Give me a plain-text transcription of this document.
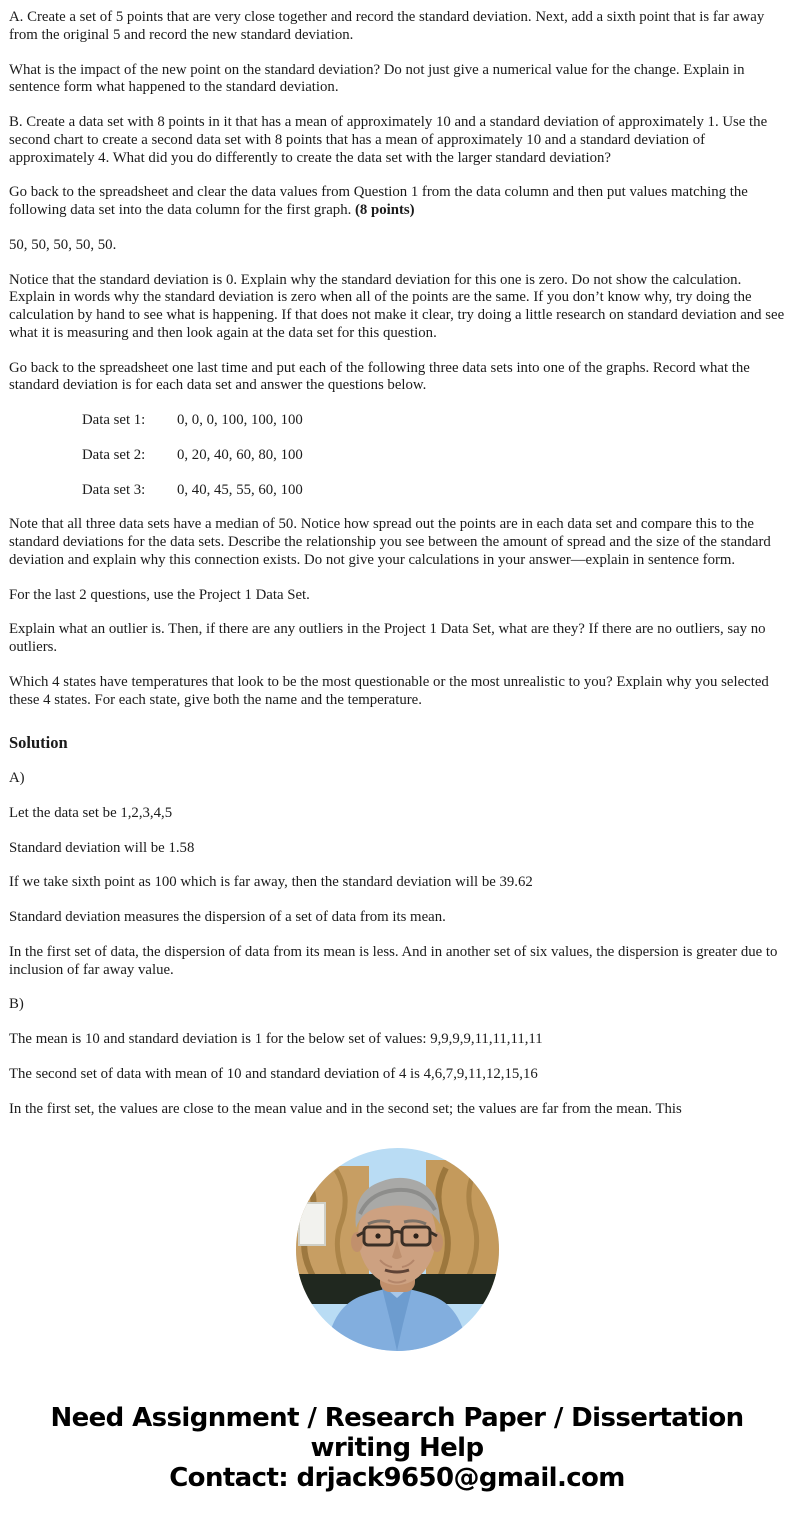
A. Create a set of 5 points that are very close together and record the standard deviation. Next, add a sixth point that is far away from the original 5 and record the new standard deviation.

What is the impact of the new point on the standard deviation? Do not just give a numerical value for the change. Explain in sentence form what happened to the standard deviation.

B. Create a data set with 8 points in it that has a mean of approximately 10 and a standard deviation of approximately 1. Use the second chart to create a second data set with 8 points that has a mean of approximately 10 and a standard deviation of approximately 4. What did you do differently to create the data set with the larger standard deviation?

Go back to the spreadsheet and clear the data values from Question 1 from the data column and then put values matching the following data set into the data column for the first graph. (8 points)

50, 50, 50, 50, 50.

Notice that the standard deviation is 0. Explain why the standard deviation for this one is zero. Do not show the calculation. Explain in words why the standard deviation is zero when all of the points are the same. If you don’t know why, try doing the calculation by hand to see what is happening. If that does not make it clear, try doing a little research on standard deviation and see what it is measuring and then look again at the data set for this question.

Go back to the spreadsheet one last time and put each of the following three data sets into one of the graphs. Record what the standard deviation is for each data set and answer the questions below.

Data set 1: 0, 0, 0, 100, 100, 100
Data set 2: 0, 20, 40, 60, 80, 100
Data set 3: 0, 40, 45, 55, 60, 100

Note that all three data sets have a median of 50. Notice how spread out the points are in each data set and compare this to the standard deviations for the data sets. Describe the relationship you see between the amount of spread and the size of the standard deviation and explain why this connection exists. Do not give your calculations in your answer—explain in sentence form.

For the last 2 questions, use the Project 1 Data Set.

Explain what an outlier is. Then, if there are any outliers in the Project 1 Data Set, what are they? If there are no outliers, say no outliers.

Which 4 states have temperatures that look to be the most questionable or the most unrealistic to you? Explain why you selected these 4 states. For each state, give both the name and the temperature.

Solution

A)

Let the data set be 1,2,3,4,5

Standard deviation will be 1.58

If we take sixth point as 100 which is far away, then the standard deviation will be 39.62

Standard deviation measures the dispersion of a set of data from its mean.

In the first set of data, the dispersion of data from its mean is less. And in another set of six values, the dispersion is greater due to inclusion of far away value.

B)

The mean is 10 and standard deviation is 1 for the below set of values: 9,9,9,9,11,11,11,11

The second set of data with mean of 10 and standard deviation of 4 is 4,6,7,9,11,12,15,16

In the first set, the values are close to the mean value and in the second set; the values are far from the mean. This

Need Assignment / Research Paper / Dissertation writing Help
Contact: drjack9650@gmail.com
